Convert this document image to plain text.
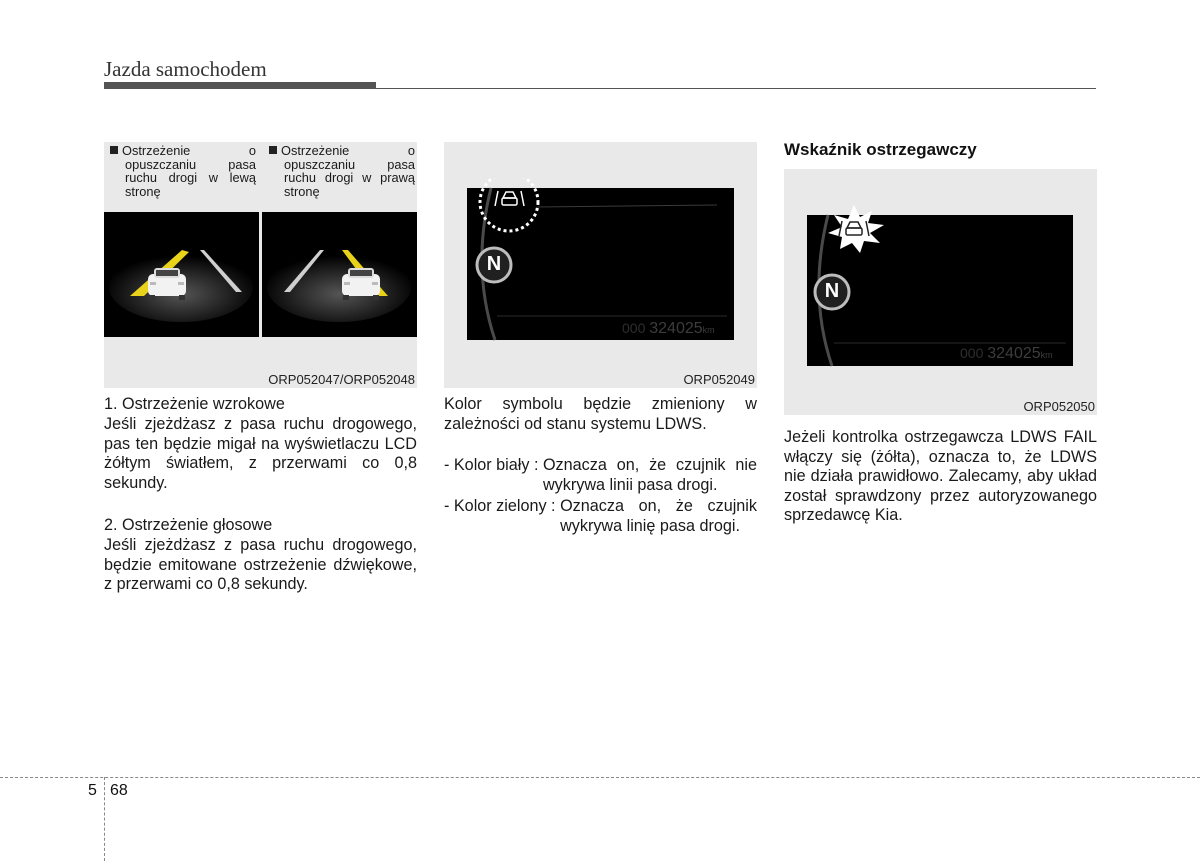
Jazda samochodem
Ostrzeżenie	o
opuszczaniu pasa ruchu drogi w lewą stronę
Ostrzeżenie	o
opuszczaniu pasa ruchu drogi w prawą stronę
ORP052047/ORP052048
1. Ostrzeżenie wzrokowe
Jeśli zjeżdżasz z pasa ruchu drogowego, pas ten będzie migał na wyświetlaczu LCD żółtym światłem, z przerwami co 0,8 sekundy.
2. Ostrzeżenie głosowe
Jeśli zjeżdżasz z pasa ruchu drogowego, będzie emitowane ostrzeżenie dźwiękowe, z przerwami co 0,8 sekundy.
N
000 324025km
ORP052049
Kolor symbolu będzie zmieniony w zależności od stanu systemu LDWS.
- Kolor biały : Oznacza on, że czujnik nie wykrywa linii pasa drogi.
- Kolor zielony : Oznacza on, że czujnik wykrywa linię pasa drogi.
Wskaźnik ostrzegawczy
N
000 324025km
ORP052050
Jeżeli kontrolka ostrzegawcza LDWS FAIL włączy się (żółta), oznacza to, że LDWS nie działa prawidłowo. Zalecamy, aby układ został sprawdzony przez autoryzowanego sprzedawcę Kia.
5 68
